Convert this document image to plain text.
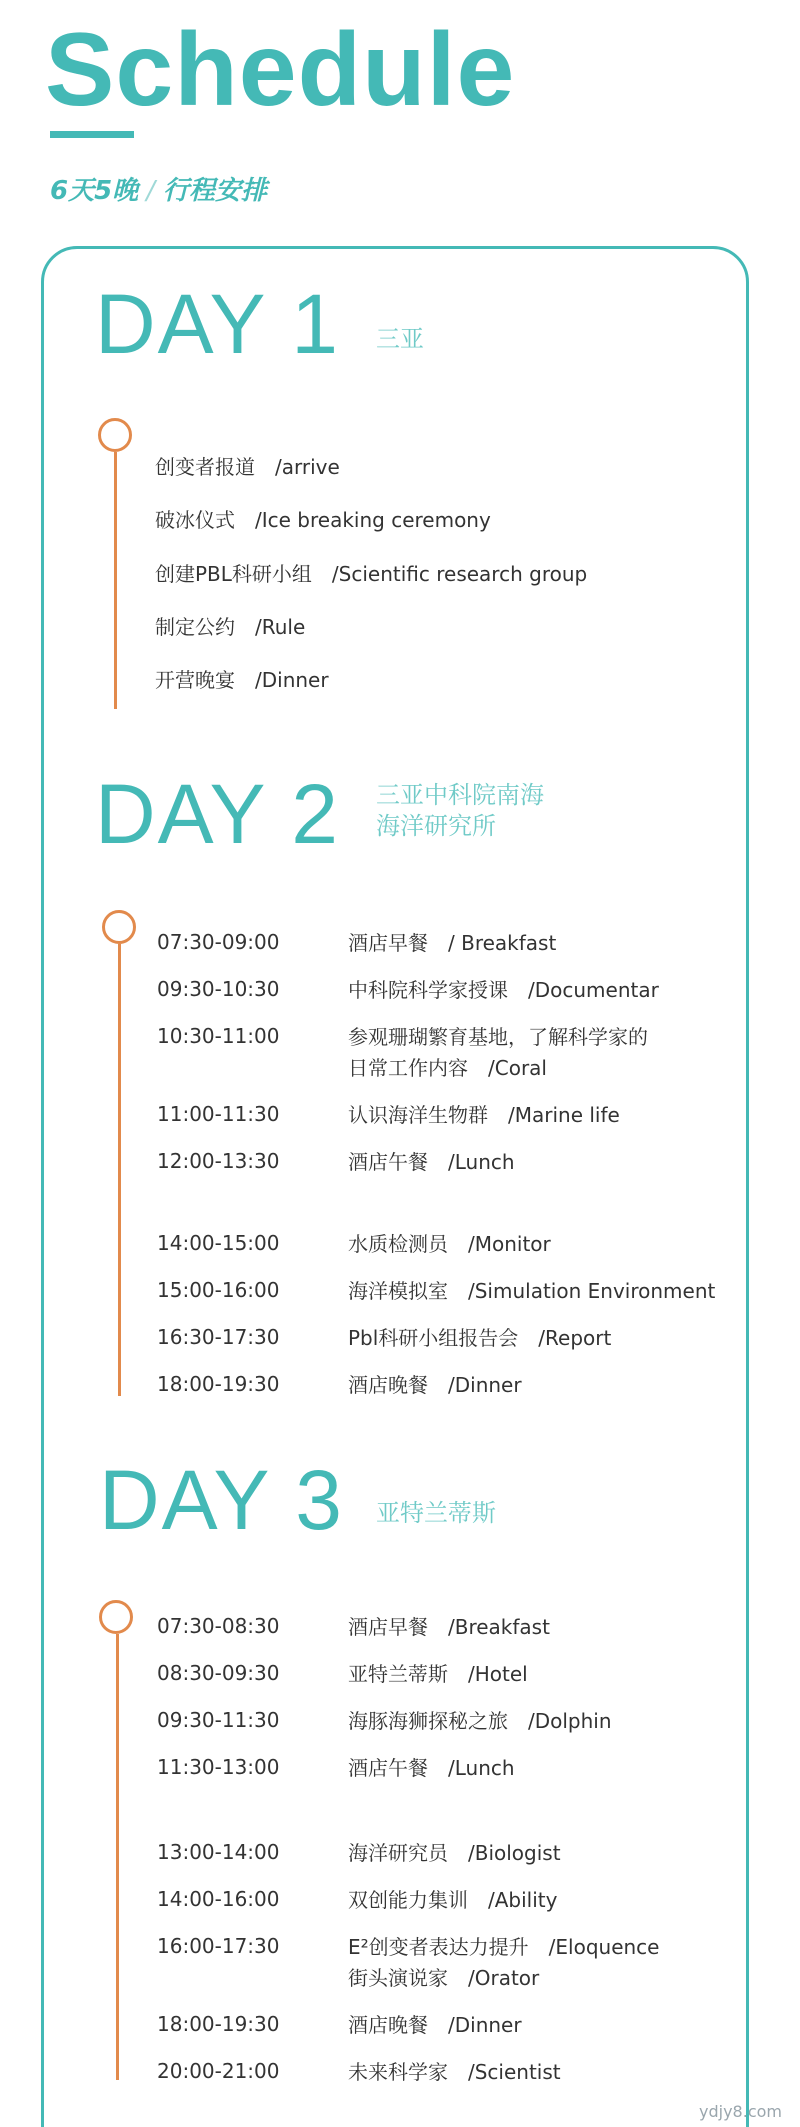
Schedule
6天5晚 / 行程安排
DAY 1 三亚
创变者报道　/arrive
破冰仪式　/Ice breaking ceremony
创建PBL科研小组　/Scientific research group
制定公约　/Rule
开营晚宴　/Dinner
DAY 2 三亚中科院南海
海洋研究所
07:30-09:00	酒店早餐　/ Breakfast
09:30-10:30	中科院科学家授课　/Documentar
10:30-11:00	参观珊瑚繁育基地，了解科学家的
日常工作内容　/Coral
11:00-11:30	认识海洋生物群　/Marine life
12:00-13:30	酒店午餐　/Lunch
14:00-15:00	水质检测员　/Monitor
15:00-16:00	海洋模拟室　/Simulation Environment
16:30-17:30	Pbl科研小组报告会　/Report
18:00-19:30	酒店晚餐　/Dinner
DAY 3 亚特兰蒂斯
07:30-08:30	酒店早餐　/Breakfast
08:30-09:30	亚特兰蒂斯　/Hotel
09:30-11:30	海豚海狮探秘之旅　/Dolphin
11:30-13:00	酒店午餐　/Lunch
13:00-14:00	海洋研究员　/Biologist
14:00-16:00	双创能力集训　/Ability
16:00-17:30	E²创变者表达力提升　/Eloquence
街头演说家　/Orator
18:00-19:30	酒店晚餐　/Dinner
20:00-21:00	未来科学家　/Scientist
ydjy8.com
